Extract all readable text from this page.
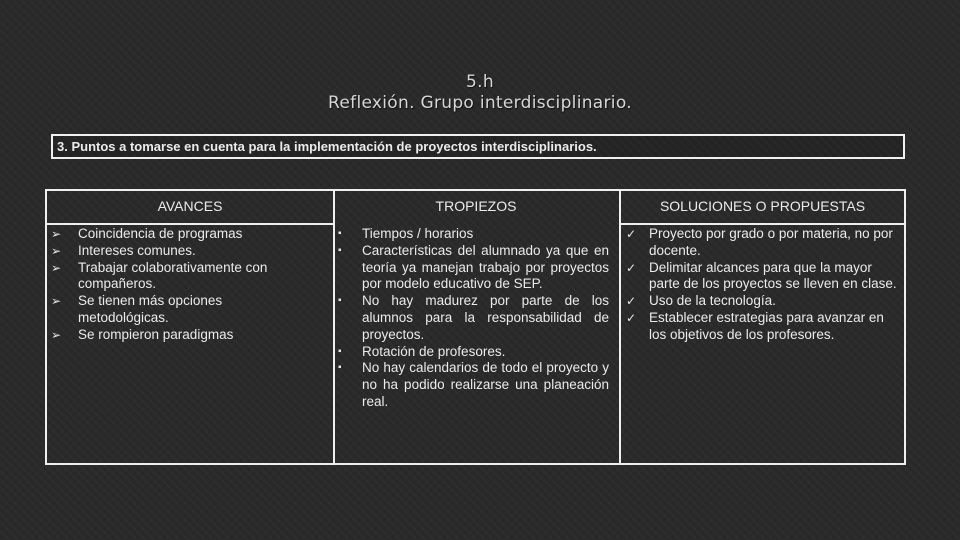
5.h
Reflexión. Grupo interdisciplinario.
3. Puntos a tomarse en cuenta para la implementación de proyectos interdisciplinarios.
AVANCES	TROPIEZOS	SOLUCIONES O PROPUESTAS
➢ Coincidencia de programas
➢ Intereses comunes.
➢ Trabajar colaborativamente con compañeros.
➢ Se tienen más opciones metodológicas.
➢ Se rompieron paradigmas
▪ Tiempos / horarios
▪ Características del alumnado ya que en teoría ya manejan trabajo por proyectos por modelo educativo de SEP.
▪ No hay madurez por parte de los alumnos para la responsabilidad de proyectos.
▪ Rotación de profesores.
▪ No hay calendarios de todo el proyecto y no ha podido realizarse una planeación real.
✓ Proyecto por grado o por materia, no por docente.
✓ Delimitar alcances para que la mayor parte de los proyectos se lleven en clase.
✓ Uso de la tecnología.
✓ Establecer estrategias para avanzar en los objetivos de los profesores.
